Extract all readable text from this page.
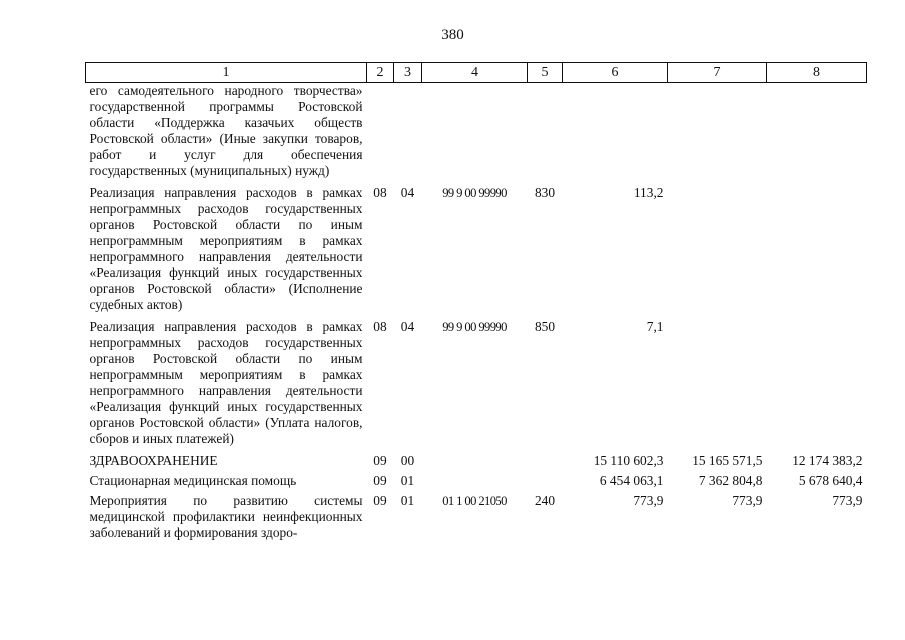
380
1	2	3	4	5	6	7	8
его самодеятельного народного творчества» государственной программы Ростовской области «Поддержка казачьих обществ Ростовской области» (Иные закупки товаров, работ и услуг для обеспечения государственных (муниципальных) нужд)							
Реализация направления расходов в рамках непрограммных расходов государственных органов Ростовской области по иным непрограммным мероприятиям в рамках непрограммного направления деятельности «Реализация функций иных государственных органов Ростовской области» (Исполнение судебных актов)	08	04	99 9 00 99990	830	113,2		
Реализация направления расходов в рамках непрограммных расходов государственных органов Ростовской области по иным непрограммным мероприятиям в рамках непрограммного направления деятельности «Реализация функций иных государственных органов Ростовской области» (Уплата налогов, сборов и иных платежей)	08	04	99 9 00 99990	850	7,1		
ЗДРАВООХРАНЕНИЕ	09	00			15 110 602,3	15 165 571,5	12 174 383,2
Стационарная медицинская помощь	09	01			6 454 063,1	7 362 804,8	5 678 640,4
Мероприятия по развитию системы медицинской профилактики неинфекционных заболеваний и формирования здоро-	09	01	01 1 00 21050	240	773,9	773,9	773,9
